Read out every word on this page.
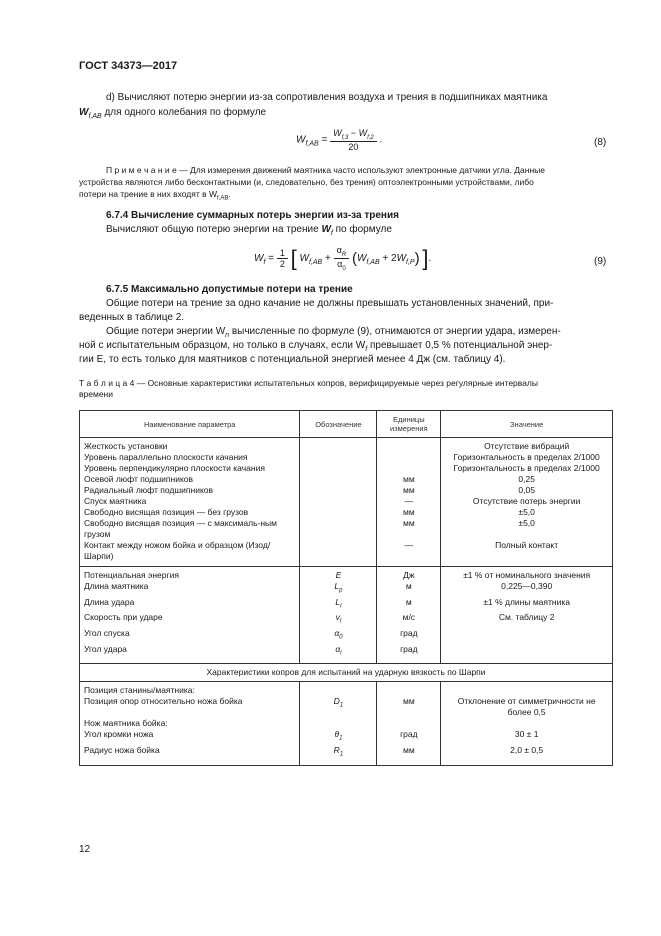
ГОСТ 34373—2017
d) Вычисляют потерю энергии из-за сопротивления воздуха и трения в подшипниках маятника
$W_{f,AB}$ для одного колебания по формуле
$W_{f,AB} = \frac{W_{f,3} - W_{f,2}}{20}$ .	(8)
П р и м е ч а н и е — Для измерения движений маятника часто используют электронные датчики угла. Данные
устройства являются либо бесконтактными (и, следовательно, без трения) оптоэлектронными устройствами, либо
потери на трение в них входят в $W_{f,AB}$.
6.7.4 Вычисление суммарных потерь энергии из-за трения
Вычисляют общую потерю энергии на трение $W_f$ по формуле
$W_f = \frac{1}{2}$ [ $W_{f,AB} + \frac{\alpha_R}{\alpha_0} (W_{f,AB} + 2W_{f,P})$ ].	(9)
6.7.5 Максимально допустимые потери на трение
Общие потери на трение за одно качание не должны превышать установленных значений, при-
веденных в таблице 2.
Общие потери энергии $W_n$ вычисленные по формуле (9), отнимаются от энергии удара, измерен-
ной с испытательным образцом, но только в случаях, если $W_f$ превышает 0,5 % потенциальной энер-
гии E, то есть только для маятников с потенциальной энергией менее 4 Дж (см. таблицу 4).
Т а б л и ц а 4 — Основные характеристики испытательных копров, верифицируемые через регулярные интервалы
времени
Наименование параметра	Обозначение	Единицы измерения	Значение
Жесткость установки			Отсутствие вибраций
Уровень параллельно плоскости качания			Горизонтальность в пределах 2/1000
Уровень перпендикулярно плоскости качания			Горизонтальность в пределах 2/1000
Осевой люфт подшипников		мм	0,25
Радиальный люфт подшипников		мм	0,05
Спуск маятника		—	Отсутствие потерь энергии
Свободно висящая позиция — без грузов		мм	±5,0
Свободно висящая позиция — с максималь-ным грузом		мм	±5,0
Контакт между ножом бойка и образцом (Изод/Шарпи)		—	Полный контакт
Потенциальная энергия	E	Дж	±1 % от номинального значения
Длина маятника	$L_p$	м	0,225—0,390
Длина удара	$L_l$	м	±1 % длины маятника
Скорость при ударе	$v_l$	м/с	См. таблицу 2
Угол спуска	$\alpha_0$	град	
Угол удара	$\alpha_l$	град	
Характеристики копров для испытаний на ударную вязкость по Шарпи			
Позиция станины/маятника:			
Позиция опор относительно ножа бойка	$D_1$	мм	Отклонение от симметричности не более 0,5
Нож маятника бойка:			
Угол кромки ножа	$\theta_1$	град	30 ± 1
Радиус ножа бойка	$R_1$	мм	2,0 ± 0,5
12
